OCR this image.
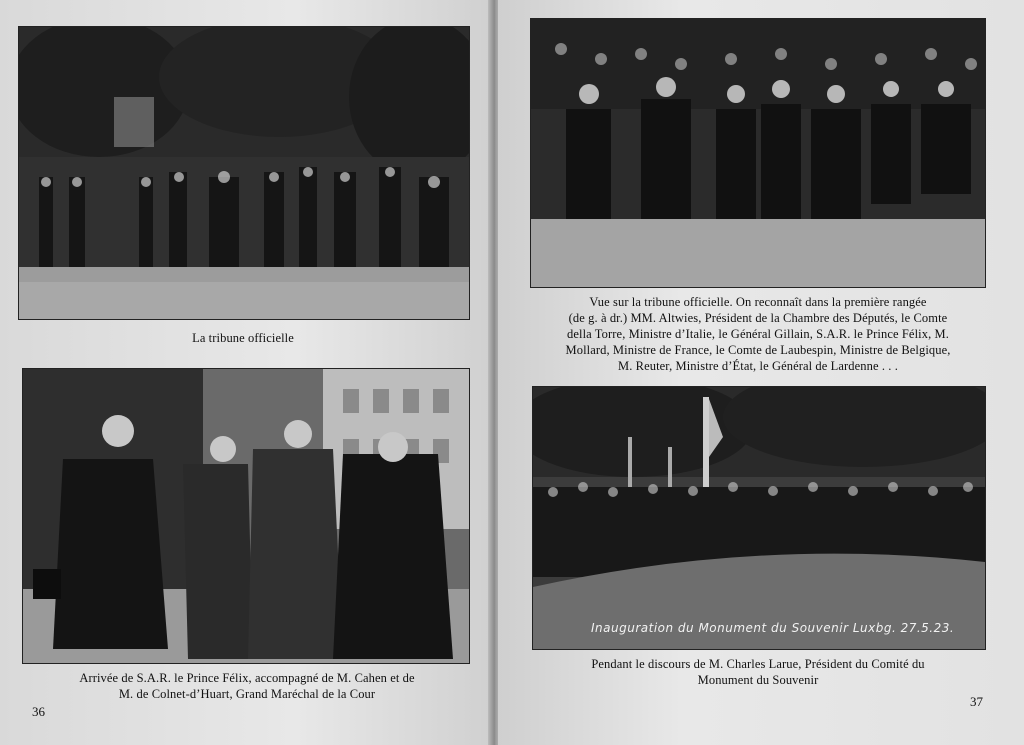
La tribune officielle
Arrivée de S.A.R. le Prince Félix, accompagné de M. Cahen et de
M. de Colnet-d’Huart, Grand Maréchal de la Cour
36
Vue sur la tribune officielle. On reconnaît dans la première rangée
(de g. à dr.) MM. Altwies, Président de la Chambre des Députés, le Comte
della Torre, Ministre d’Italie, le Général Gillain, S.A.R. le Prince Félix, M.
Mollard, Ministre de France, le Comte de Laubespin, Ministre de Belgique,
M. Reuter, Ministre d’État, le Général de Lardenne . . .
Inauguration du Monument du Souvenir Luxbg. 27.5.23.
Pendant le discours de M. Charles Larue, Président du Comité du
Monument du Souvenir
37
